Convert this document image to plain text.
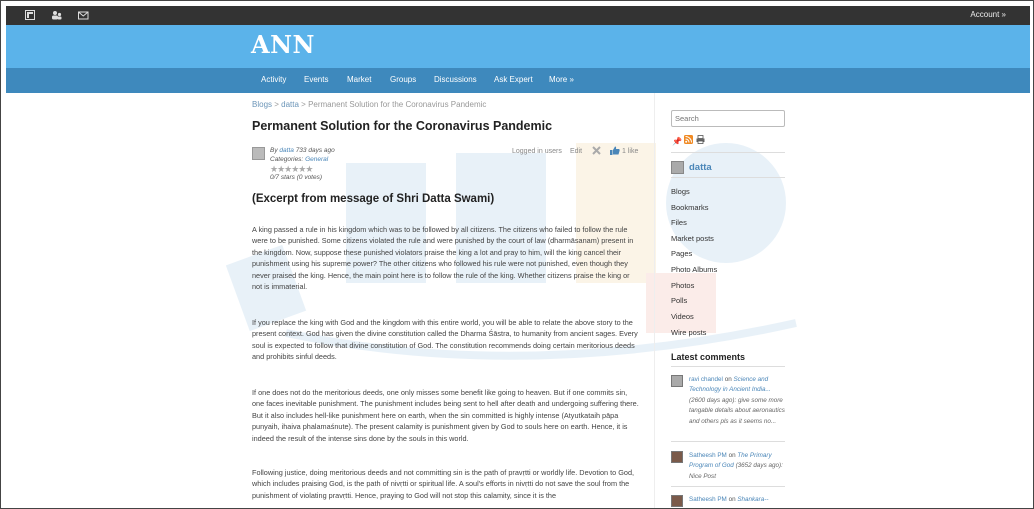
Account »
ANN
Activity Events Market Groups Discussions Ask Expert More »
Blogs > datta > Permanent Solution for the Coronavirus Pandemic
Permanent Solution for the Coronavirus Pandemic
By datta 733 days ago
Categories: General
★★★★★★
0/7 stars (0 votes)
Logged in users Edit	1 like
(Excerpt from message of Shri Datta Swami)

A king passed a rule in his kingdom which was to be followed by all citizens. The citizens who failed to follow the rule were to be punished. Some citizens violated the rule and were punished by the court of law (dharmāsanam) present in the kingdom. Now, suppose these punished violators praise the king a lot and pray to him, will the king cancel their punishment using his supreme power? The other citizens who followed his rule were not punished, even though they never praised the king. Hence, the main point here is to follow the rule of the king. Whether citizens praise the king or not is immaterial.

If you replace the king with God and the kingdom with this entire world, you will be able to relate the above story to the present context. God has given the divine constitution called the Dharma Śāstra, to humanity from ancient sages. Every soul is expected to follow that divine constitution of God. The constitution recommends doing certain meritorious deeds and prohibits sinful deeds.

If one does not do the meritorious deeds, one only misses some benefit like going to heaven. But if one commits sin, one faces inevitable punishment. The punishment includes being sent to hell after death and undergoing suffering there. But it also includes hell-like punishment here on earth, when the sin committed is highly intense (Atyutkataih pāpa punyaih, ihaiva phalamaśnute). The present calamity is punishment given by God to souls here on earth. Hence, it is indeed the result of the intense sins done by the souls in this world.

Following justice, doing meritorious deeds and not committing sin is the path of pravṛtti or worldly life. Devotion to God, which includes praising God, is the path of nivṛtti or spiritual life. A soul's efforts in nivṛtti do not save the soul from the punishment of violating pravṛtti. Hence, praying to God will not stop this calamity, since it is the

Search
📌
datta
Blogs
Bookmarks
Files
Market posts
Pages
Photo Albums
Photos
Polls
Videos
Wire posts
Latest comments
ravi chandel on Science and Technology in Ancient India... (2600 days ago): give some more tangable details about aeronautics and others pls as it seems no...
Satheesh PM on The Primary Program of God (3652 days ago): Nice Post
Satheesh PM on Shankara--
